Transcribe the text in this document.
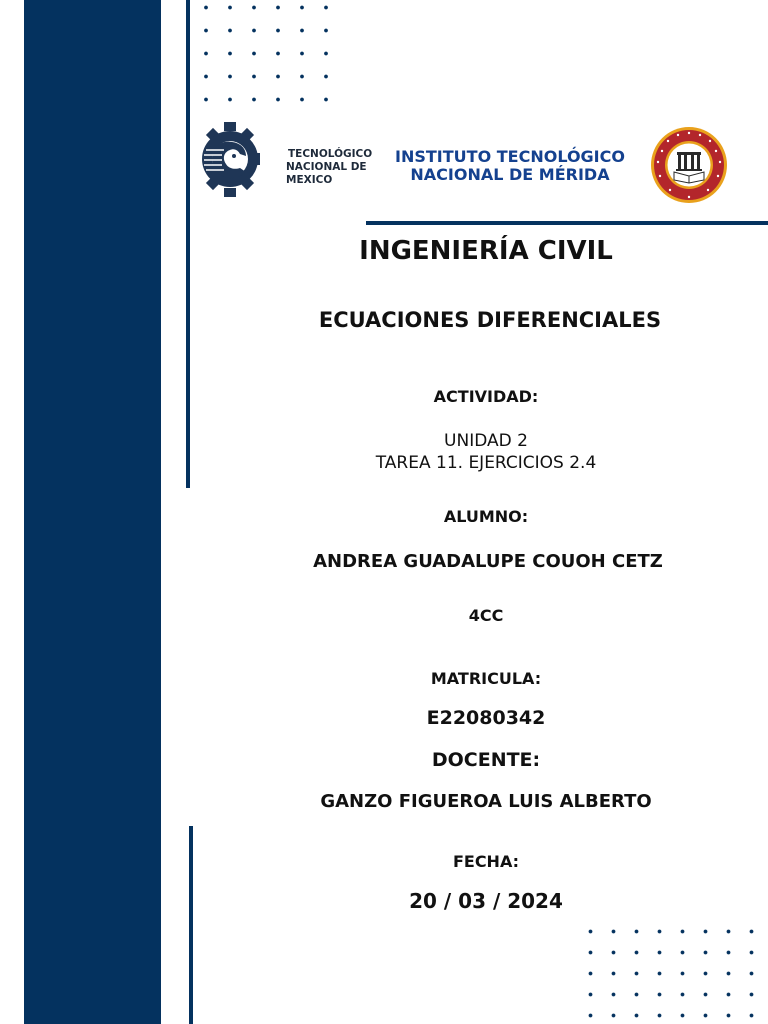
TECNOLÓGICO
NACIONAL DE MEXICO
INSTITUTO TECNOLÓGICO
NACIONAL DE MÉRIDA
INGENIERÍA CIVIL
ECUACIONES DIFERENCIALES
ACTIVIDAD:
UNIDAD 2
TAREA 11. EJERCICIOS 2.4
ALUMNO:
ANDREA GUADALUPE COUOH CETZ
4CC
MATRICULA:
E22080342
DOCENTE:
GANZO FIGUEROA LUIS ALBERTO
FECHA:
20 / 03 / 2024
